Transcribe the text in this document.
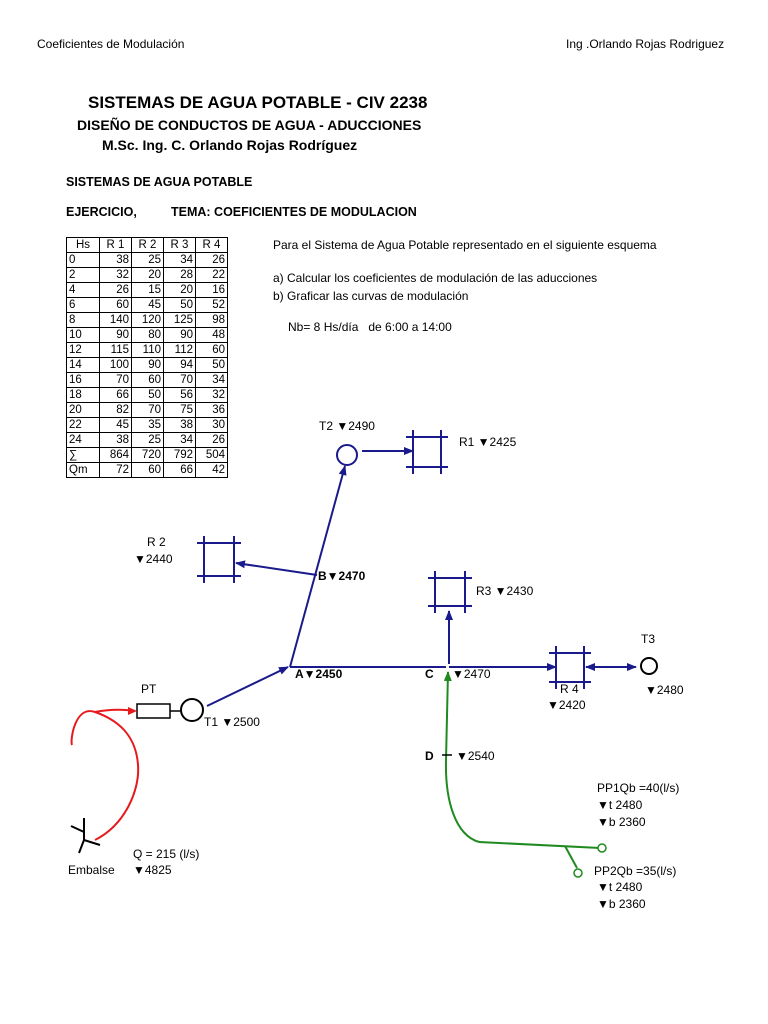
Coeficientes de Modulación	Ing .Orlando Rojas Rodriguez
SISTEMAS DE AGUA POTABLE - CIV 2238
DISEÑO DE CONDUCTOS DE AGUA - ADUCCIONES
M.Sc. Ing. C. Orlando Rojas Rodríguez
SISTEMAS DE AGUA POTABLE
EJERCICIO,	TEMA: COEFICIENTES DE MODULACION
Para el Sistema de Agua Potable representado en el siguiente esquema
a) Calcular los coeficientes de modulación de las aducciones
b) Graficar las curvas de modulación
Nb= 8 Hs/día   de 6:00 a 14:00
Hs	R 1	R 2	R 3	R 4
0	38	25	34	26
2	32	20	28	22
4	26	15	20	16
6	60	45	50	52
8	140	120	125	98
10	90	80	90	48
12	115	110	112	60
14	100	90	94	50
16	70	60	70	34
18	66	50	56	32
20	82	70	75	36
22	45	35	38	30
24	38	25	34	26
∑	864	720	792	504
Qm	72	60	66	42
T2 ▼2490
R1 ▼2425
R 2
▼2440
B▼2470
R3 ▼2430
T3
▼2480
A▼2450	C ▼2470
R 4
▼2420
PT
T1 ▼2500
D ▼2540
PP1Qb =40(l/s)
▼t 2480
▼b 2360
PP2Qb =35(l/s)
▼t 2480
▼b 2360
Q = 215 (l/s)
Embalse ▼4825
